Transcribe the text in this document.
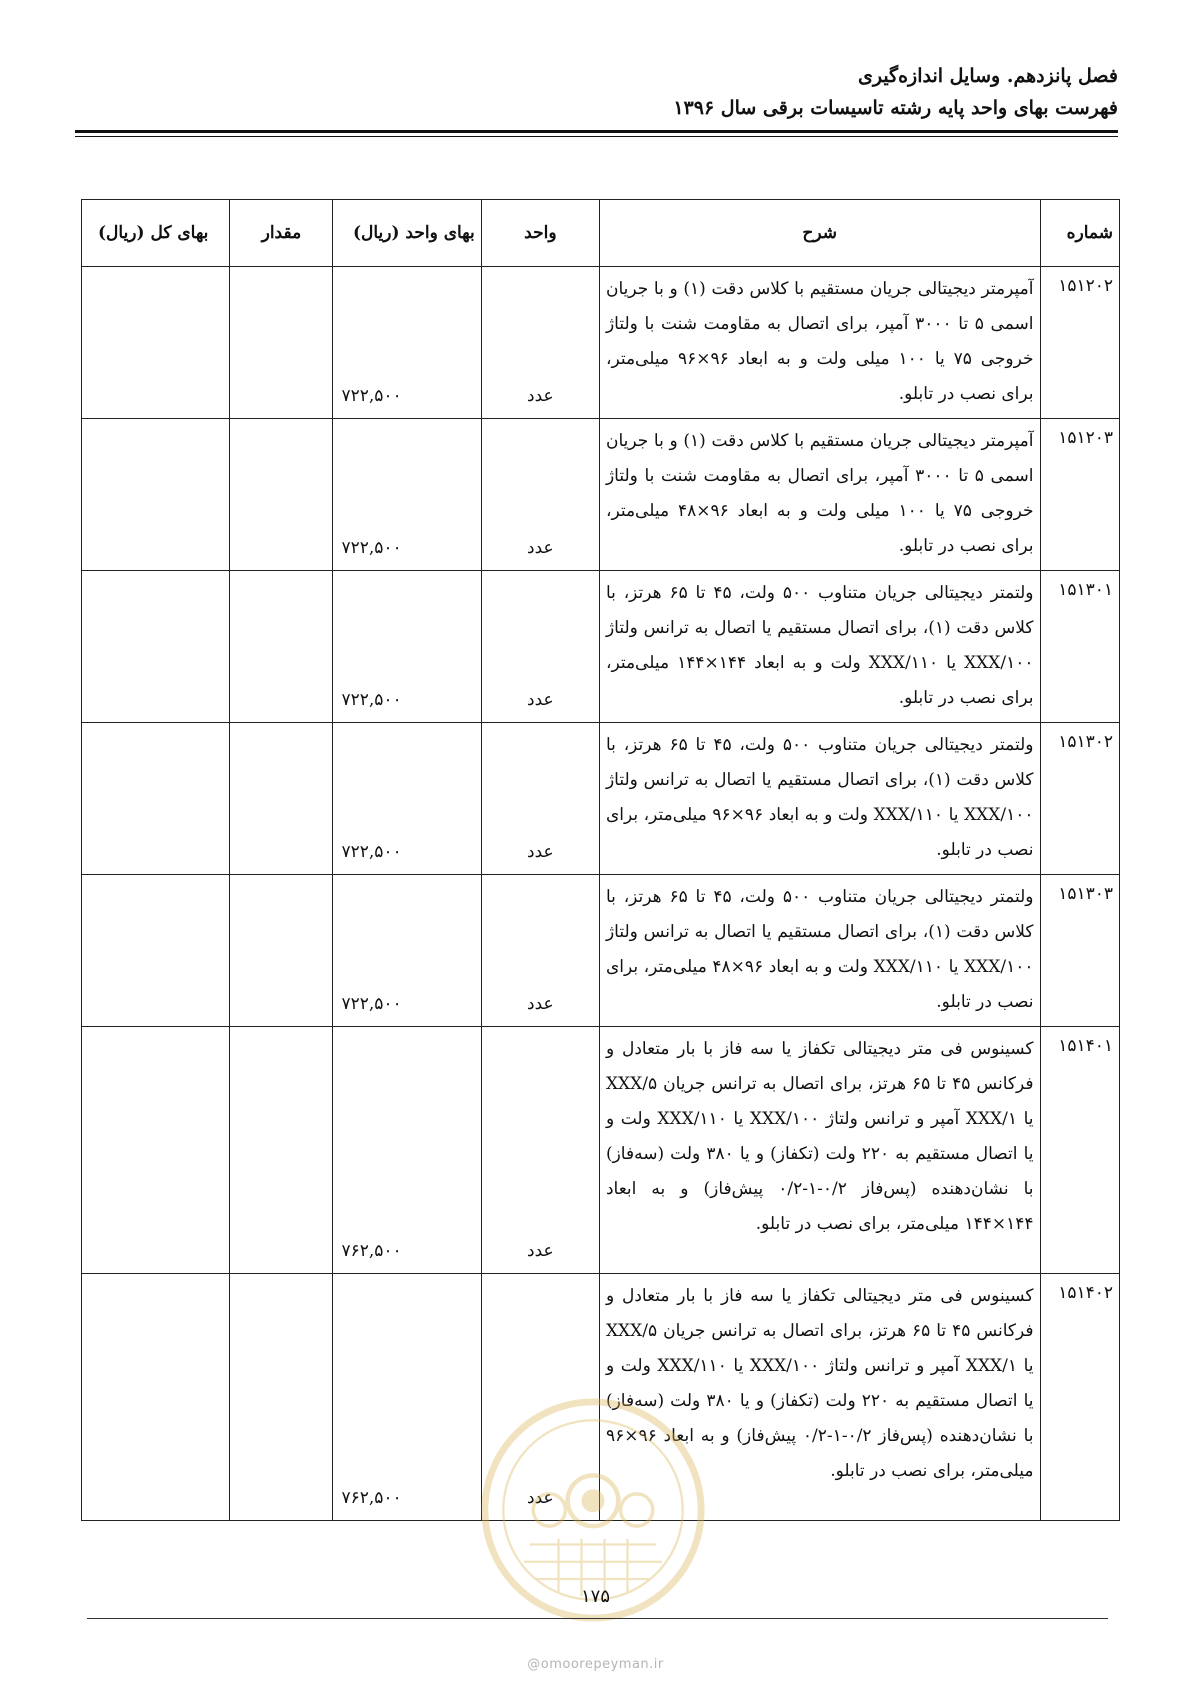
فصل پانزدهم. وسایل اندازه‌گیری
فهرست بهای واحد پایه رشته تاسیسات برقی سال ۱۳۹۶
شماره	شرح	واحد	بهای واحد (ریال)	مقدار	بهای کل (ریال)
۱۵۱۲۰۲	آمپرمتر دیجیتالی جریان مستقیم با کلاس دقت (۱) و با جریان اسمی ۵ تا ۳۰۰۰ آمپر، برای اتصال به مقاومت شنت با ولتاژ خروجی ۷۵ یا ۱۰۰ میلی ولت و به ابعاد ۹۶×۹۶ میلی‌متر، برای نصب در تابلو.	عدد	۷۲۲,۵۰۰		
۱۵۱۲۰۳	آمپرمتر دیجیتالی جریان مستقیم با کلاس دقت (۱) و با جریان اسمی ۵ تا ۳۰۰۰ آمپر، برای اتصال به مقاومت شنت با ولتاژ خروجی ۷۵ یا ۱۰۰ میلی ولت و به ابعاد ۹۶×۴۸ میلی‌متر، برای نصب در تابلو.	عدد	۷۲۲,۵۰۰		
۱۵۱۳۰۱	ولتمتر دیجیتالی جریان متناوب ۵۰۰ ولت، ۴۵ تا ۶۵ هرتز، با کلاس دقت (۱)، برای اتصال مستقیم یا اتصال به ترانس ولتاژ XXX/۱۰۰ یا XXX/۱۱۰ ولت و به ابعاد ۱۴۴×۱۴۴ میلی‌متر، برای نصب در تابلو.	عدد	۷۲۲,۵۰۰		
۱۵۱۳۰۲	ولتمتر دیجیتالی جریان متناوب ۵۰۰ ولت، ۴۵ تا ۶۵ هرتز، با کلاس دقت (۱)، برای اتصال مستقیم یا اتصال به ترانس ولتاژ XXX/۱۰۰ یا XXX/۱۱۰ ولت و به ابعاد ۹۶×۹۶ میلی‌متر، برای نصب در تابلو.	عدد	۷۲۲,۵۰۰		
۱۵۱۳۰۳	ولتمتر دیجیتالی جریان متناوب ۵۰۰ ولت، ۴۵ تا ۶۵ هرتز، با کلاس دقت (۱)، برای اتصال مستقیم یا اتصال به ترانس ولتاژ XXX/۱۰۰ یا XXX/۱۱۰ ولت و به ابعاد ۹۶×۴۸ میلی‌متر، برای نصب در تابلو.	عدد	۷۲۲,۵۰۰		
۱۵۱۴۰۱	کسینوس فی متر دیجیتالی تکفاز یا سه فاز با بار متعادل و فرکانس ۴۵ تا ۶۵ هرتز، برای اتصال به ترانس جریان XXX/۵ یا XXX/۱ آمپر و ترانس ولتاژ XXX/۱۰۰ یا XXX/۱۱۰ ولت و یا اتصال مستقیم به ۲۲۰ ولت (تکفاز) و یا ۳۸۰ ولت (سه‌فاز) با نشان‌دهنده (پس‌فاز ۰/۲-۱-۰/۲ پیش‌فاز) و به ابعاد ۱۴۴×۱۴۴ میلی‌متر، برای نصب در تابلو.	عدد	۷۶۲,۵۰۰		
۱۵۱۴۰۲	کسینوس فی متر دیجیتالی تکفاز یا سه فاز با بار متعادل و فرکانس ۴۵ تا ۶۵ هرتز، برای اتصال به ترانس جریان XXX/۵ یا XXX/۱ آمپر و ترانس ولتاژ XXX/۱۰۰ یا XXX/۱۱۰ ولت و یا اتصال مستقیم به ۲۲۰ ولت (تکفاز) و یا ۳۸۰ ولت (سه‌فاز) با نشان‌دهنده (پس‌فاز ۰/۲-۱-۰/۲ پیش‌فاز) و به ابعاد ۹۶×۹۶ میلی‌متر، برای نصب در تابلو.	عدد	۷۶۲,۵۰۰		
۱۷۵
@omoorepeyman.ir
